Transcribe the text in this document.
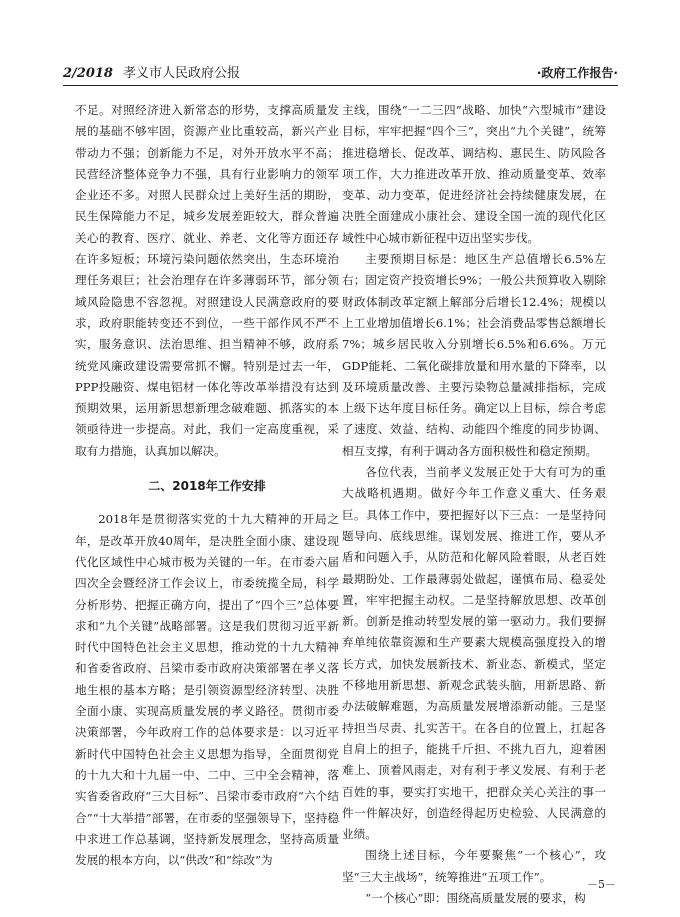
2/2018 孝义市人民政府公报	·政府工作报告·

不足。对照经济进入新常态的形势，支撑高质量发展的基础不够牢固，资源产业比重较高，新兴产业带动力不强；创新能力不足，对外开放水平不高；民营经济整体竞争力不强，具有行业影响力的领军企业还不多。对照人民群众过上美好生活的期盼，民生保障能力不足，城乡发展差距较大，群众普遍关心的教育、医疗、就业、养老、文化等方面还存在许多短板；环境污染问题依然突出，生态环境治理任务艰巨；社会治理存在许多薄弱环节，部分领域风险隐患不容忽视。对照建设人民满意政府的要求，政府职能转变还不到位，一些干部作风不严不实，服务意识、法治思维、担当精神不够，政府系统党风廉政建设需要常抓不懈。特别是过去一年，PPP投融资、煤电铝材一体化等改革举措没有达到预期效果，运用新思想新理念破难题、抓落实的本领亟待进一步提高。对此，我们一定高度重视，采取有力措施，认真加以解决。

二、2018年工作安排

2018年是贯彻落实党的十九大精神的开局之年，是改革开放40周年，是决胜全面小康、建设现代化区域性中心城市极为关键的一年。在市委六届四次全会暨经济工作会议上，市委统揽全局，科学分析形势、把握正确方向，提出了“四个三”总体要求和“九个关键”战略部署。这是我们贯彻习近平新时代中国特色社会主义思想，推动党的十九大精神和省委省政府、吕梁市委市政府决策部署在孝义落地生根的基本方略；是引领资源型经济转型、决胜全面小康、实现高质量发展的孝义路径。贯彻市委决策部署，今年政府工作的总体要求是：以习近平新时代中国特色社会主义思想为指导，全面贯彻党的十九大和十九届一中、二中、三中全会精神，落实省委省政府“三大目标”、吕梁市委市政府“六个结合”“十大举措”部署，在市委的坚强领导下，坚持稳中求进工作总基调，坚持新发展理念，坚持高质量发展的根本方向，以“供改”和“综改”为

主线，围绕“一二三四”战略、加快“六型城市”建设目标，牢牢把握“四个三”，突出“九个关键”，统筹推进稳增长、促改革、调结构、惠民生、防风险各项工作，大力推进改革开放、推动质量变革、效率变革、动力变革，促进经济社会持续健康发展，在决胜全面建成小康社会、建设全国一流的现代化区域性中心城市新征程中迈出坚实步伐。

主要预期目标是：地区生产总值增长6.5%左右；固定资产投资增长9%；一般公共预算收入剔除财政体制改革定额上解部分后增长12.4%；规模以上工业增加值增长6.1%；社会消费品零售总额增长7%；城乡居民收入分别增长6.5%和6.6%。万元GDP能耗、二氧化碳排放量和用水量的下降率，以及环境质量改善、主要污染物总量减排指标，完成上级下达年度目标任务。确定以上目标，综合考虑了速度、效益、结构、动能四个维度的同步协调、相互支撑，有利于调动各方面积极性和稳定预期。

各位代表，当前孝义发展正处于大有可为的重大战略机遇期。做好今年工作意义重大、任务艰巨。具体工作中，要把握好以下三点：一是坚持问题导向、底线思维。谋划发展、推进工作，要从矛盾和问题入手，从防范和化解风险着眼，从老百姓最期盼处、工作最薄弱处做起，谨慎布局、稳妥处置，牢牢把握主动权。二是坚持解放思想、改革创新。创新是推动转型发展的第一驱动力。我们要摒弃单纯依靠资源和生产要素大规模高强度投入的增长方式，加快发展新技术、新业态、新模式，坚定不移地用新思想、新观念武装头脑，用新思路、新办法破解难题，为高质量发展增添新动能。三是坚持担当尽责、扎实苦干。在各自的位置上，扛起各自肩上的担子，能挑千斤担、不挑九百九，迎着困难上、顶着风雨走，对有利于孝义发展、有利于老百姓的事，要实打实地干，把群众关心关注的事一件一件解决好，创造经得起历史检验、人民满意的业绩。

围绕上述目标，今年要聚焦“一个核心”，攻坚“三大主战场”，统筹推进“五项工作”。

“一个核心”即：围绕高质量发展的要求，构

－5－
